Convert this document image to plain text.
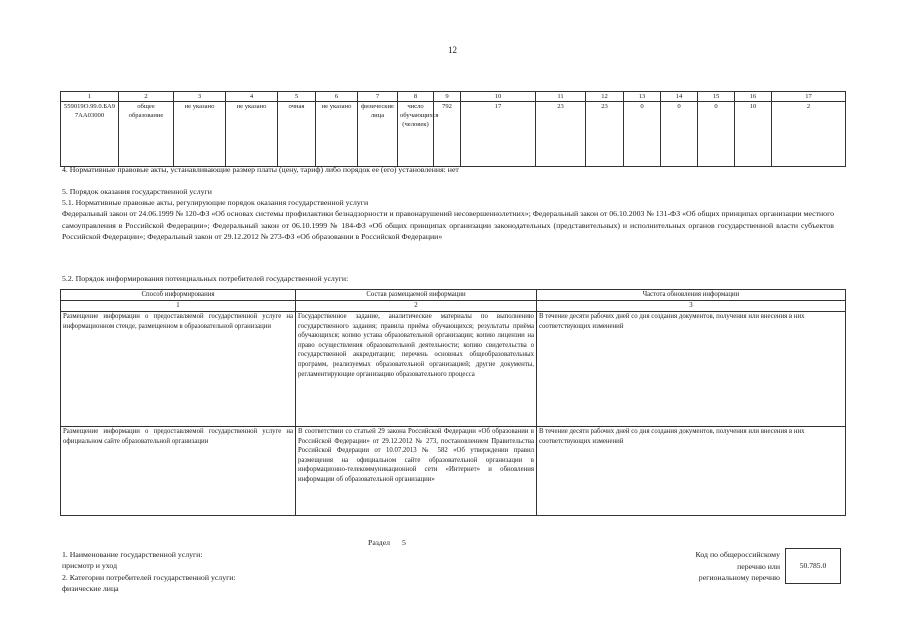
12
1	2	3	4	5	6	7	8	9	10	11	12	13	14	15	16	17
559019О.99.0.БА97АА03000	общее образование	не указано	не указано	очная	не указано	физические лица	число обучающихся (человек)	792	17	23	23	0	0	0	10	2
4. Нормативные правовые акты, устанавливающие размер платы (цену, тариф) либо порядок ее (его) установления: нет
5. Порядок оказания государственной услуги
5.1. Нормативные правовые акты, регулирующие порядок оказания государственной услуги
Федеральный закон от 24.06.1999 № 120-ФЗ «Об основах системы профилактики безнадзорности и правонарушений несовершеннолетних»; Федеральный закон от 06.10.2003 № 131-ФЗ «Об общих принципах организации местного самоуправления в Российской Федерации»; Федеральный закон от 06.10.1999 № 184-ФЗ «Об общих принципах организации законодательных (представительных) и исполнительных органов государственной власти субъектов Российской Федерации»; Федеральный закон от 29.12.2012 № 273-ФЗ «Об образовании в Российской Федерации»
5.2. Порядок информирования потенциальных потребителей государственной услуги:
Способ информирования	Состав размещаемой информации	Частота обновления информации
1	2	3
Размещение информации о предоставляемой государственной услуге на информационном стенде, размещенном в образовательной организации	Государственное задание, аналитические материалы по выполнению государственного задания; правила приёма обучающихся; результаты приёма обучающихся; копию устава образовательной организации; копию лицензии на право осуществления образовательной деятельности; копию свидетельства о государственной аккредитации; перечень основных общеобразовательных программ, реализуемых образовательной организацией; другие документы, регламентирующие организацию образовательного процесса	В течение десяти рабочих дней со дня создания документов, получения или внесения в них соответствующих изменений
Размещение информации о предоставляемой государственной услуге на официальном сайте образовательной организации	В соответствии со статьей 29 закона Российской Федерации «Об образовании в Российской Федерации» от 29.12.2012 № 273, постановлением Правительства Российской Федерации от 10.07.2013 № 582 «Об утверждении правил размещения на официальном сайте образовательной организации в информационно-телекоммуникационной сети «Интернет» и обновления информации об образовательной организации»	В течение десяти рабочих дней со дня создания документов, получения или внесения в них соответствующих изменений
Раздел 5
1. Наименование государственной услуги:
присмотр и уход
2. Категории потребителей государственной услуги:
физические лица
Код по общероссийскому
перечню или
региональному перечню
50.785.0
